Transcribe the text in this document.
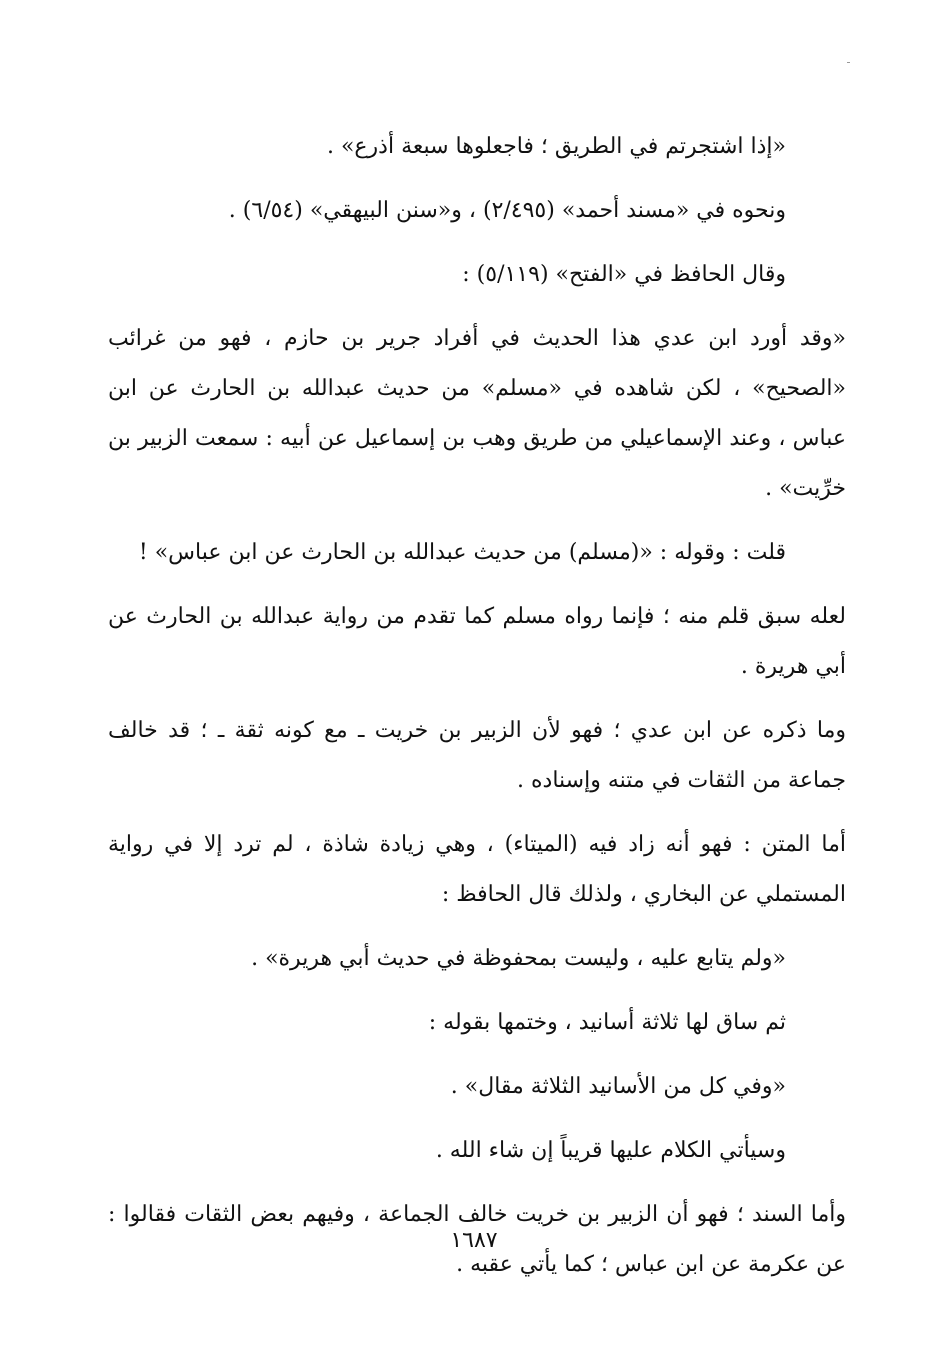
«إذا اشتجرتم في الطريق ؛ فاجعلوها سبعة أذرع» .

ونحوه في «مسند أحمد» (٢/٤٩٥) ، و«سنن البيهقي» (٦/٥٤) .

وقال الحافظ في «الفتح» (٥/١١٩) :

«وقد أورد ابن عدي هذا الحديث في أفراد جرير بن حازم ، فهو من غرائب «الصحيح» ، لكن شاهده في «مسلم» من حديث عبدالله بن الحارث عن ابن عباس ، وعند الإسماعيلي من طريق وهب بن إسماعيل عن أبيه : سمعت الزبير بن خرِّيت» .

قلت : وقوله : «(مسلم) من حديث عبدالله بن الحارث عن ابن عباس» !

لعله سبق قلم منه ؛ فإنما رواه مسلم كما تقدم من رواية عبدالله بن الحارث عن أبي هريرة .

وما ذكره عن ابن عدي ؛ فهو لأن الزبير بن خريت ـ مع كونه ثقة ـ ؛ قد خالف جماعة من الثقات في متنه وإسناده .

أما المتن : فهو أنه زاد فيه (الميتاء) ، وهي زيادة شاذة ، لم ترد إلا في رواية المستملي عن البخاري ، ولذلك قال الحافظ :

«ولم يتابع عليه ، وليست بمحفوظة في حديث أبي هريرة» .

ثم ساق لها ثلاثة أسانيد ، وختمها بقوله :

«وفي كل من الأسانيد الثلاثة مقال» .

وسيأتي الكلام عليها قريباً إن شاء الله .

وأما السند ؛ فهو أن الزبير بن خريت خالف الجماعة ، وفيهم بعض الثقات فقالوا : عن عكرمة عن ابن عباس ؛ كما يأتي عقبه .

١٦٨٧
